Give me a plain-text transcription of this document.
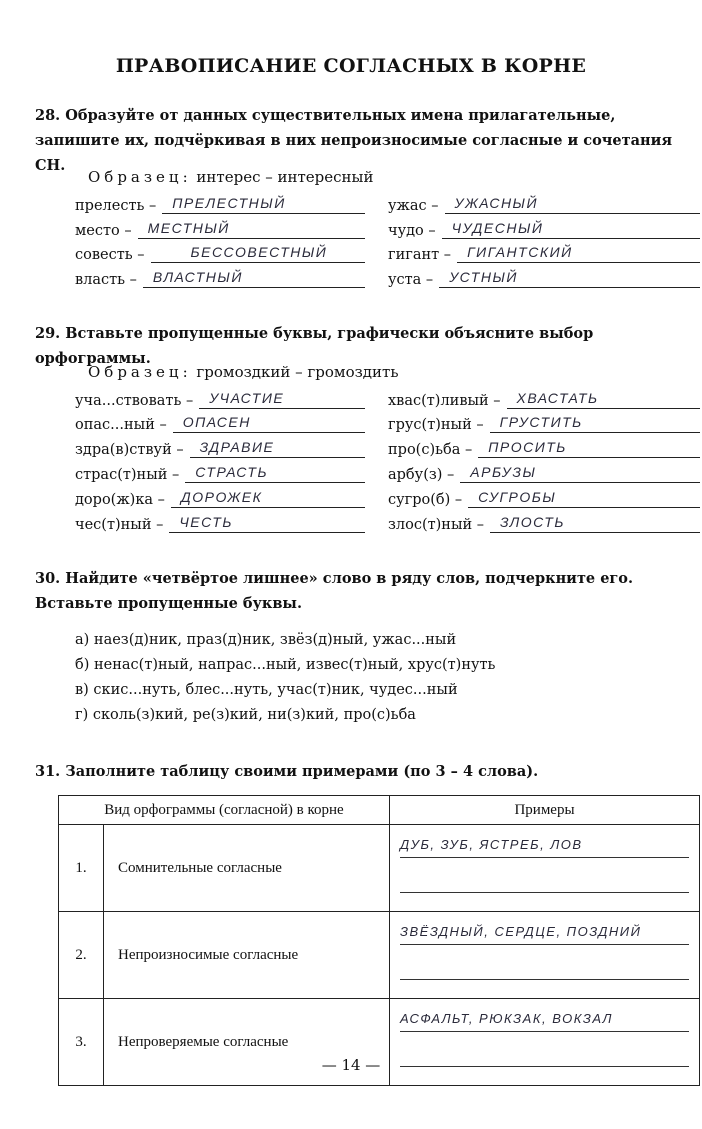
ПРАВОПИСАНИЕ СОГЛАСНЫХ В КОРНЕ
28. Образуйте от данных существительных имена прилагательные, запишите их, подчёркивая в них непроизносимые согласные и сочетания СН.
Образец: интерес – интересный
прелесть –	ПРЕЛЕСТНЫЙ
место –	МЕСТНЫЙ
совесть –	БЕССОВЕСТНЫЙ
власть –	ВЛАСТНЫЙ
ужас –	УЖАСНЫЙ
чудо –	ЧУДЕСНЫЙ
гигант –	ГИГАНТСКИЙ
уста –	УСТНЫЙ
29. Вставьте пропущенные буквы, графически объясните выбор орфограммы.
Образец: громоздкий – громоздить
уча...ствовать –	УЧАСТИЕ
опас...ный –	ОПАСЕН
здра(в)ствуй –	ЗДРАВИЕ
страс(т)ный –	СТРАСТЬ
доро(ж)ка –	ДОРОЖЕК
чес(т)ный –	ЧЕСТЬ
хвас(т)ливый –	ХВАСТАТЬ
грус(т)ный –	ГРУСТИТЬ
про(с)ьба –	ПРОСИТЬ
арбу(з) –	АРБУЗЫ
сугро(б) –	СУГРОБЫ
злос(т)ный –	ЗЛОСТЬ
30. Найдите «четвёртое лишнее» слово в ряду слов, подчеркните его. Вставьте пропущенные буквы.
а) наез(д)ник, праз(д)ник, звёз(д)ный, ужас...ный
б) ненас(т)ный, напрас...ный, извес(т)ный, хрус(т)нуть
в) скис...нуть, блес...нуть, учас(т)ник, чудес...ный
г) сколь(з)кий, ре(з)кий, ни(з)кий, про(с)ьба
31. Заполните таблицу своими примерами (по 3 – 4 слова).
Вид орфограммы (согласной) в корне		Примеры
1.	Сомнительные согласные	ДУБ, ЗУБ, ЯСТРЕБ, ЛОВ

2.	Непроизносимые согласные	ЗВЁЗДНЫЙ, СЕРДЦЕ, ПОЗДНИЙ

3.	Непроверяемые согласные	АСФАЛЬТ, РЮКЗАК, ВОКЗАЛ
— 14 —
